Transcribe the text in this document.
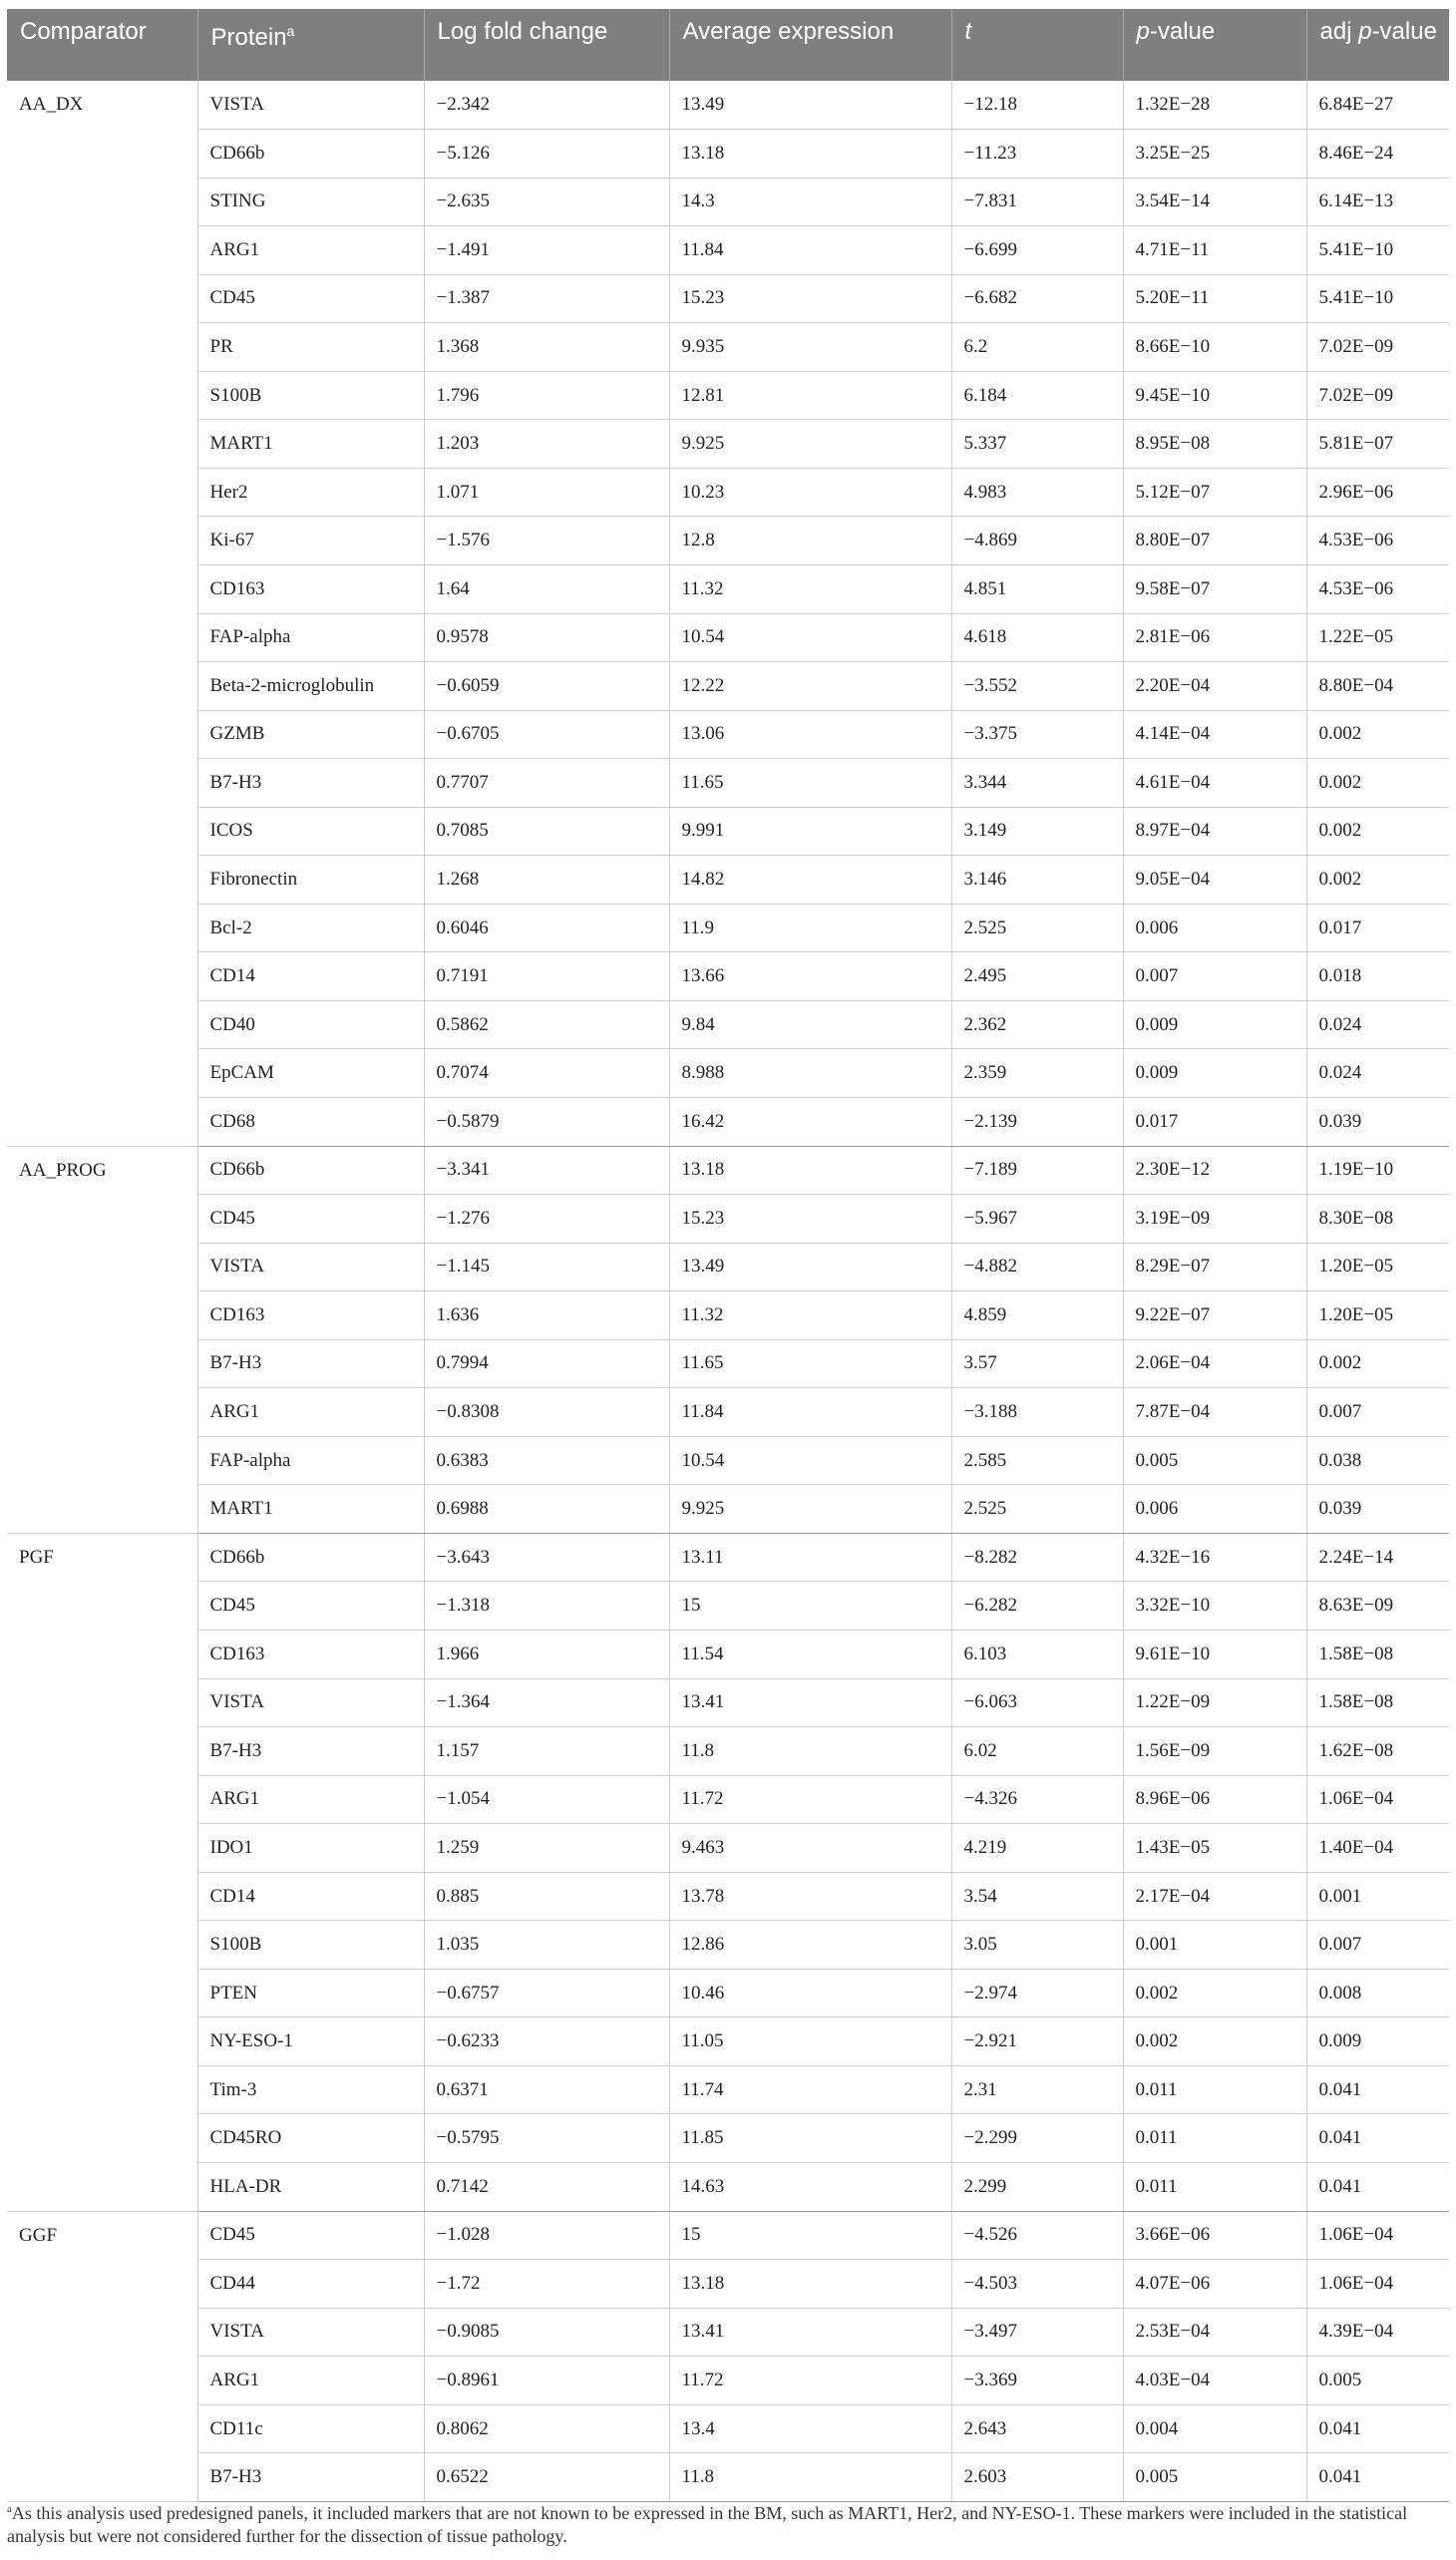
Comparator	Protein$^a$	Log fold change	Average expression	t	p-value	adj p-value
AA_DX	VISTA	−2.342	13.49	−12.18	1.32E−28	6.84E−27
	CD66b	−5.126	13.18	−11.23	3.25E−25	8.46E−24
	STING	−2.635	14.3	−7.831	3.54E−14	6.14E−13
	ARG1	−1.491	11.84	−6.699	4.71E−11	5.41E−10
	CD45	−1.387	15.23	−6.682	5.20E−11	5.41E−10
	PR	1.368	9.935	6.2	8.66E−10	7.02E−09
	S100B	1.796	12.81	6.184	9.45E−10	7.02E−09
	MART1	1.203	9.925	5.337	8.95E−08	5.81E−07
	Her2	1.071	10.23	4.983	5.12E−07	2.96E−06
	Ki-67	−1.576	12.8	−4.869	8.80E−07	4.53E−06
	CD163	1.64	11.32	4.851	9.58E−07	4.53E−06
	FAP-alpha	0.9578	10.54	4.618	2.81E−06	1.22E−05
	Beta-2-microglobulin	−0.6059	12.22	−3.552	2.20E−04	8.80E−04
	GZMB	−0.6705	13.06	−3.375	4.14E−04	0.002
	B7-H3	0.7707	11.65	3.344	4.61E−04	0.002
	ICOS	0.7085	9.991	3.149	8.97E−04	0.002
	Fibronectin	1.268	14.82	3.146	9.05E−04	0.002
	Bcl-2	0.6046	11.9	2.525	0.006	0.017
	CD14	0.7191	13.66	2.495	0.007	0.018
	CD40	0.5862	9.84	2.362	0.009	0.024
	EpCAM	0.7074	8.988	2.359	0.009	0.024
	CD68	−0.5879	16.42	−2.139	0.017	0.039
AA_PROG	CD66b	−3.341	13.18	−7.189	2.30E−12	1.19E−10
	CD45	−1.276	15.23	−5.967	3.19E−09	8.30E−08
	VISTA	−1.145	13.49	−4.882	8.29E−07	1.20E−05
	CD163	1.636	11.32	4.859	9.22E−07	1.20E−05
	B7-H3	0.7994	11.65	3.57	2.06E−04	0.002
	ARG1	−0.8308	11.84	−3.188	7.87E−04	0.007
	FAP-alpha	0.6383	10.54	2.585	0.005	0.038
	MART1	0.6988	9.925	2.525	0.006	0.039
PGF	CD66b	−3.643	13.11	−8.282	4.32E−16	2.24E−14
	CD45	−1.318	15	−6.282	3.32E−10	8.63E−09
	CD163	1.966	11.54	6.103	9.61E−10	1.58E−08
	VISTA	−1.364	13.41	−6.063	1.22E−09	1.58E−08
	B7-H3	1.157	11.8	6.02	1.56E−09	1.62E−08
	ARG1	−1.054	11.72	−4.326	8.96E−06	1.06E−04
	IDO1	1.259	9.463	4.219	1.43E−05	1.40E−04
	CD14	0.885	13.78	3.54	2.17E−04	0.001
	S100B	1.035	12.86	3.05	0.001	0.007
	PTEN	−0.6757	10.46	−2.974	0.002	0.008
	NY-ESO-1	−0.6233	11.05	−2.921	0.002	0.009
	Tim-3	0.6371	11.74	2.31	0.011	0.041
	CD45RO	−0.5795	11.85	−2.299	0.011	0.041
	HLA-DR	0.7142	14.63	2.299	0.011	0.041
GGF	CD45	−1.028	15	−4.526	3.66E−06	1.06E−04
	CD44	−1.72	13.18	−4.503	4.07E−06	1.06E−04
	VISTA	−0.9085	13.41	−3.497	2.53E−04	4.39E−04
	ARG1	−0.8961	11.72	−3.369	4.03E−04	0.005
	CD11c	0.8062	13.4	2.643	0.004	0.041
	B7-H3	0.6522	11.8	2.603	0.005	0.041
$^a$As this analysis used predesigned panels, it included markers that are not known to be expressed in the BM, such as MART1, Her2, and NY-ESO-1. These markers were included in the statistical analysis but were not considered further for the dissection of tissue pathology.
